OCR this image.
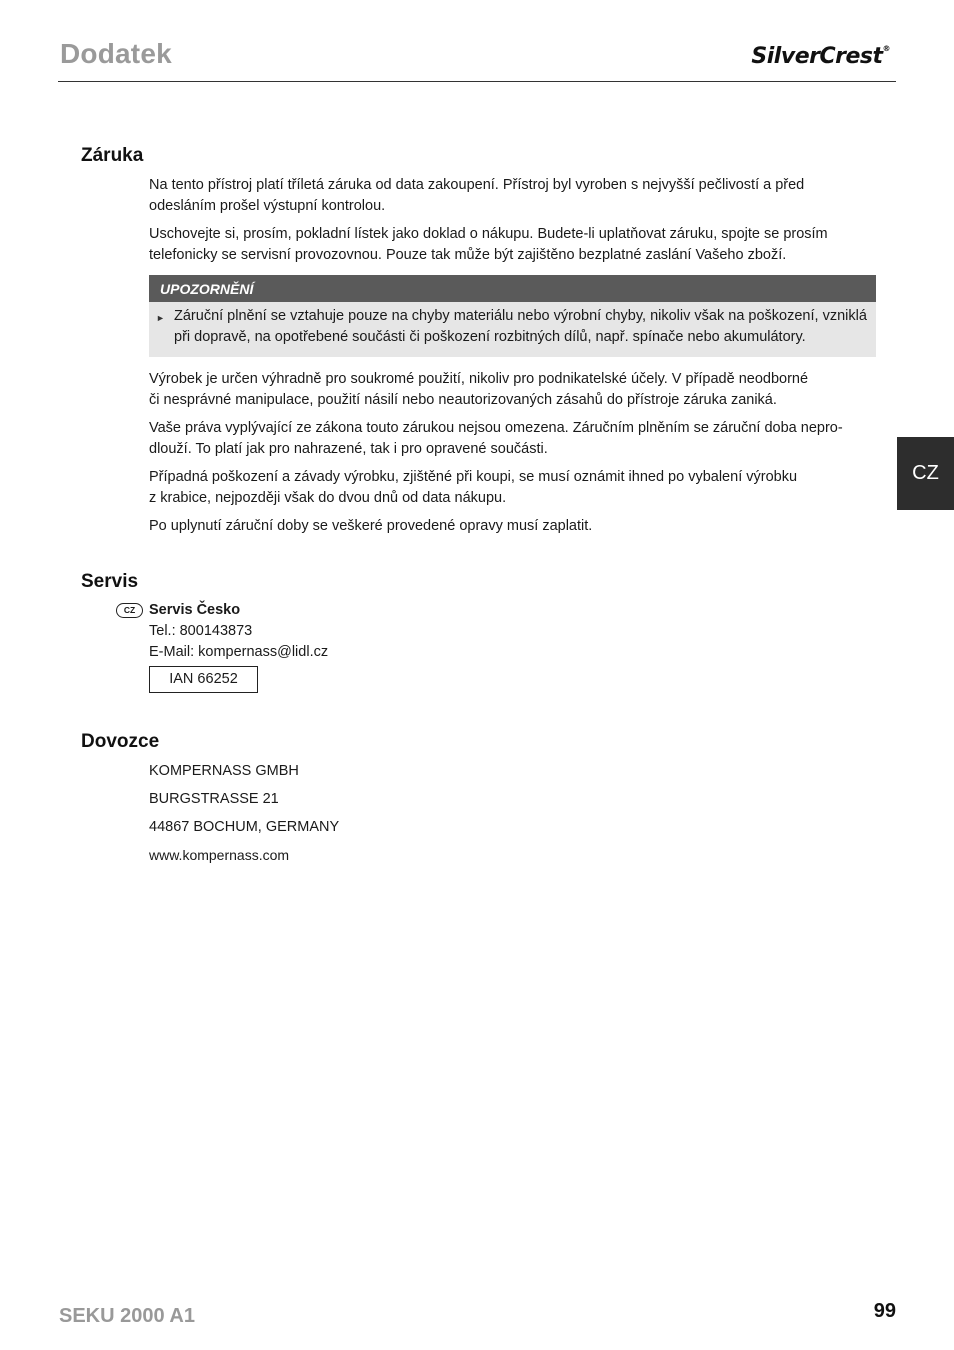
Dodatek	SilverCrest®
CZ
Záruka
Na tento přístroj platí tříletá záruka od data zakoupení. Přístroj byl vyroben s nejvyšší pečlivostí a před
odesláním prošel výstupní kontrolou.
Uschovejte si, prosím, pokladní lístek jako doklad o nákupu. Budete-li uplatňovat záruku, spojte se prosím
telefonicky se servisní provozovnou. Pouze tak může být zajištěno bezplatné zaslání Vašeho zboží.
UPOZORNĚNÍ
► Záruční plnění se vztahuje pouze na chyby materiálu nebo výrobní chyby, nikoliv však na poškození, vzniklá
při dopravě, na opotřebené součásti či poškození rozbitných dílů, např. spínače nebo akumulátory.
Výrobek je určen výhradně pro soukromé použití, nikoliv pro podnikatelské účely. V případě neodborné
či nesprávné manipulace, použití násilí nebo neautorizovaných zásahů do přístroje záruka zaniká.
Vaše práva vyplývající ze zákona touto zárukou nejsou omezena. Záručním plněním se záruční doba nepro-
dlouží. To platí jak pro nahrazené, tak i pro opravené součásti.
Případná poškození a závady výrobku, zjištěné při koupi, se musí oznámit ihned po vybalení výrobku
z krabice, nejpozději však do dvou dnů od data nákupu.
Po uplynutí záruční doby se veškeré provedené opravy musí zaplatit.
Servis
CZ Servis Česko
Tel.: 800143873
E-Mail: kompernass@lidl.cz
IAN 66252
Dovozce
KOMPERNASS GMBH
BURGSTRASSE 21
44867 BOCHUM, GERMANY
www.kompernass.com
SEKU 2000 A1	99
